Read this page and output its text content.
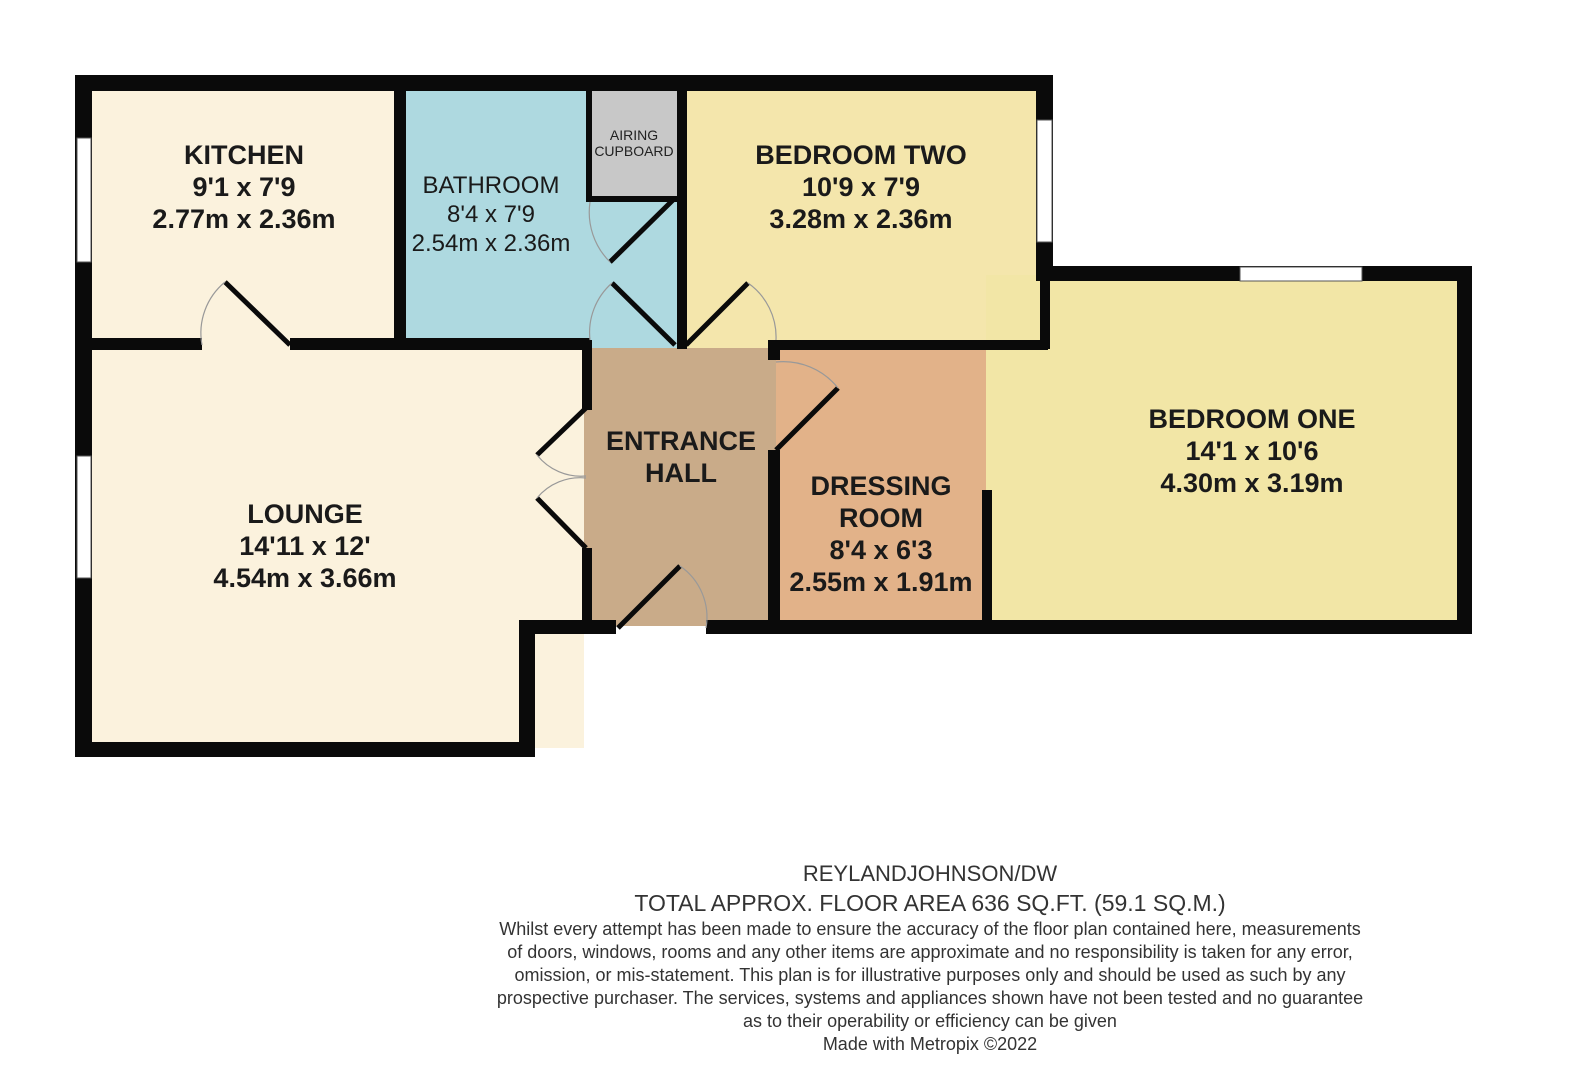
KITCHEN
9'1 x 7'9
2.77m x 2.36m
BATHROOM
8'4 x 7'9
2.54m x 2.36m
AIRING
CUPBOARD	BEDROOM TWO
10'9 x 7'9
3.28m x 2.36m
ENTRANCE
HALL	DRESSING
ROOM
8'4 x 6'3
2.55m x 1.91m
BEDROOM ONE
14'1 x 10'6
4.30m x 3.19m
LOUNGE
14'11 x 12'
4.54m x 3.66m
REYLANDJOHNSON/DW
TOTAL APPROX. FLOOR AREA 636 SQ.FT. (59.1 SQ.M.)
Whilst every attempt has been made to ensure the accuracy of the floor plan contained here, measurements
of doors, windows, rooms and any other items are approximate and no responsibility is taken for any error,
omission, or mis-statement. This plan is for illustrative purposes only and should be used as such by any
prospective purchaser. The services, systems and appliances shown have not been tested and no guarantee
as to their operability or efficiency can be given
Made with Metropix ©2022
